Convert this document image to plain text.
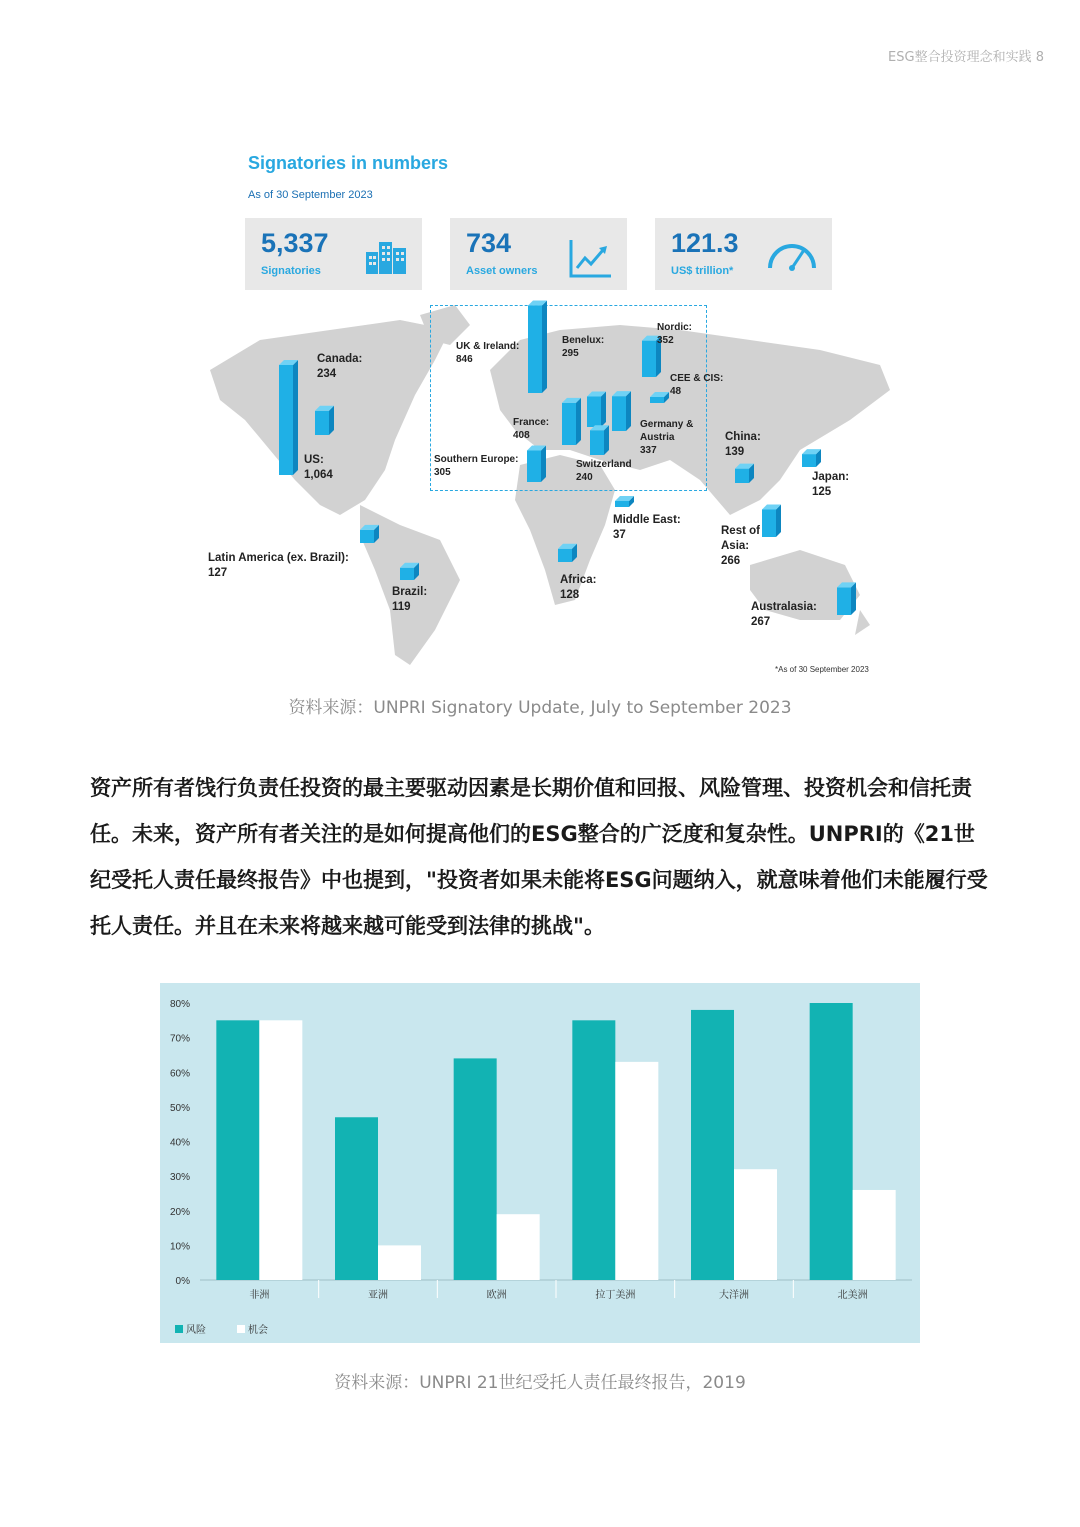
ESG整合投资理念和实践 8
Signatories in numbers
As of 30 September 2023
5,337
Signatories
734
Asset owners
121.3
US$ trillion*
Canada:
234
US:
1,064
Latin America (ex. Brazil):
127
Brazil:
119
UK & Ireland:
846
Benelux:
295
Nordic:
352
CEE & CIS:
48
France:
408
Germany & Austria
337
Southern Europe:
305
Switzerland
240
Middle East:
37
Africa:
128
China:
139
Japan:
125
Rest of Asia:
266
Australasia:
267
*As of 30 September 2023
资料来源：UNPRI Signatory Update, July to September 2023
资产所有者饯行负责任投资的最主要驱动因素是长期价值和回报、风险管理、投资机会和信托责任。未来，资产所有者关注的是如何提高他们的ESG整合的广泛度和复杂性。UNPRI的《21世纪受托人责任最终报告》中也提到，"投资者如果未能将ESG问题纳入，就意味着他们未能履行受托人责任。并且在未来将越来越可能受到法律的挑战"。
0%
10%
20%
30%
40%
50%
60%
70%
80%
非洲	亚洲	欧洲	拉丁美洲	大洋洲	北美洲
风险	机会
资料来源：UNPRI 21世纪受托人责任最终报告，2019
